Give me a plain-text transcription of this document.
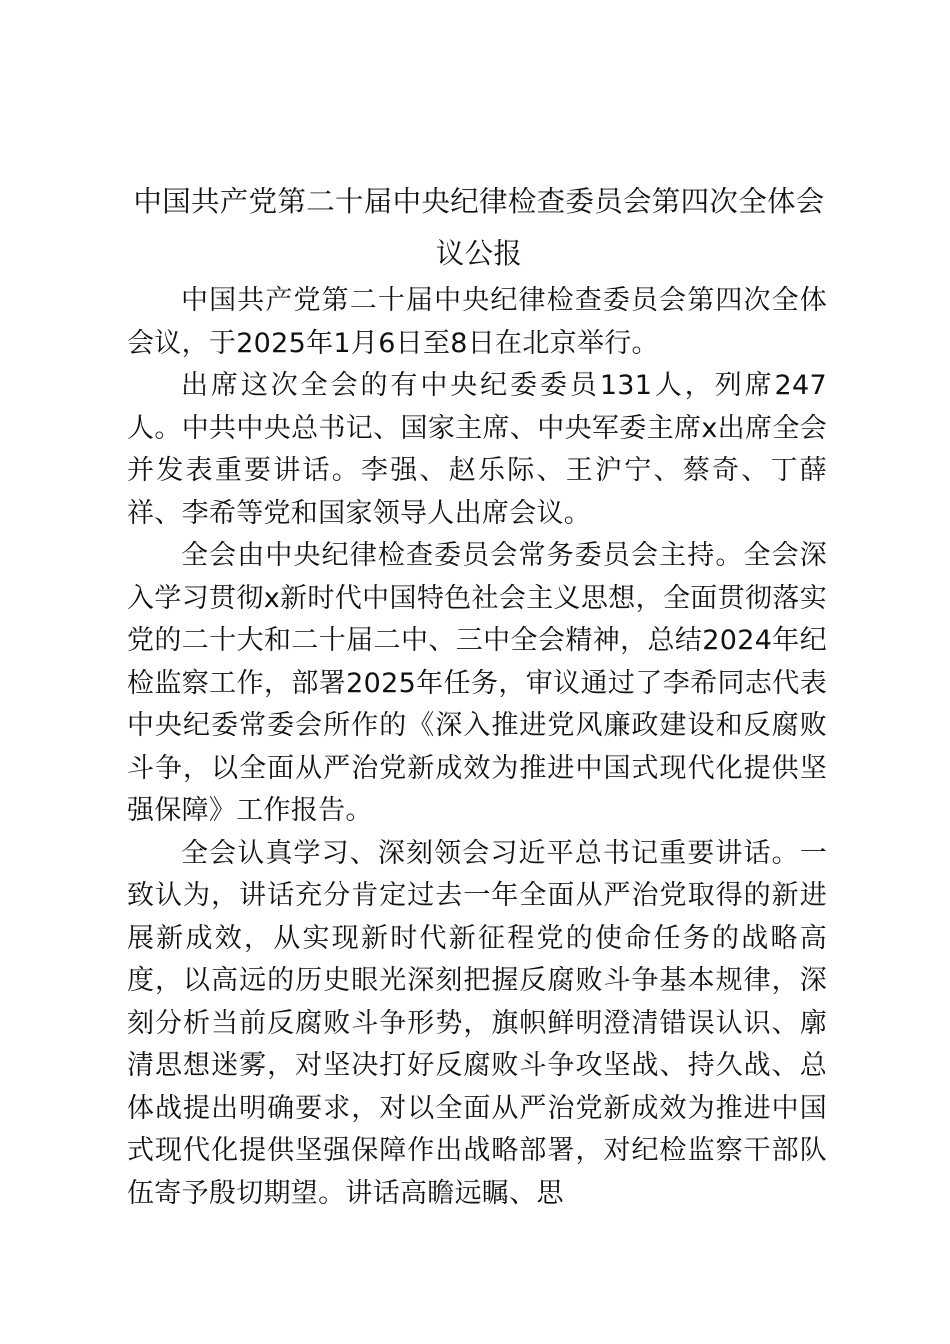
中国共产党第二十届中央纪律检查委员会第四次全体会议公报

中国共产党第二十届中央纪律检查委员会第四次全体会议，于2025年1月6日至8日在北京举行。

出席这次全会的有中央纪委委员131人，列席247人。中共中央总书记、国家主席、中央军委主席x出席全会并发表重要讲话。李强、赵乐际、王沪宁、蔡奇、丁薛祥、李希等党和国家领导人出席会议。

全会由中央纪律检查委员会常务委员会主持。全会深入学习贯彻x新时代中国特色社会主义思想，全面贯彻落实党的二十大和二十届二中、三中全会精神，总结2024年纪检监察工作，部署2025年任务，审议通过了李希同志代表中央纪委常委会所作的《深入推进党风廉政建设和反腐败斗争，以全面从严治党新成效为推进中国式现代化提供坚强保障》工作报告。

全会认真学习、深刻领会习近平总书记重要讲话。一致认为，讲话充分肯定过去一年全面从严治党取得的新进展新成效，从实现新时代新征程党的使命任务的战略高度，以高远的历史眼光深刻把握反腐败斗争基本规律，深刻分析当前反腐败斗争形势，旗帜鲜明澄清错误认识、廓清思想迷雾，对坚决打好反腐败斗争攻坚战、持久战、总体战提出明确要求，对以全面从严治党新成效为推进中国式现代化提供坚强保障作出战略部署，对纪检监察干部队伍寄予殷切期望。讲话高瞻远瞩、思
